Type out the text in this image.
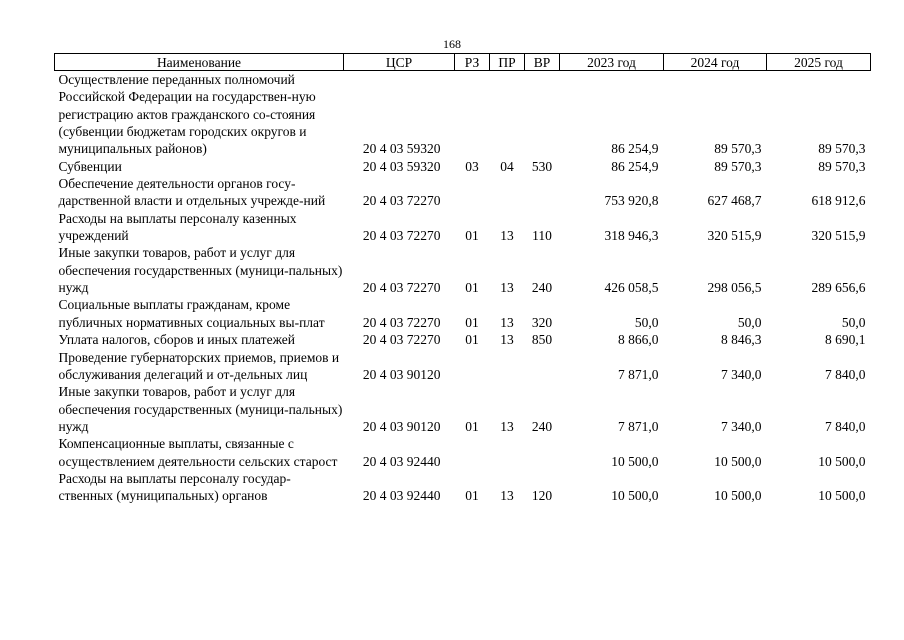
168
Наименование	ЦСР	РЗ	ПР	ВР	2023 год	2024 год	2025 год
Осуществление переданных полномочий Российской Федерации на государствен-ную регистрацию актов гражданского со-стояния (субвенции бюджетам городских округов и муниципальных районов)	20 4 03 59320				86 254,9	89 570,3	89 570,3
Субвенции	20 4 03 59320	03	04	530	86 254,9	89 570,3	89 570,3
Обеспечение деятельности органов госу-дарственной власти и отдельных учрежде-ний	20 4 03 72270				753 920,8	627 468,7	618 912,6
Расходы на выплаты персоналу казенных учреждений	20 4 03 72270	01	13	110	318 946,3	320 515,9	320 515,9
Иные закупки товаров, работ и услуг для обеспечения государственных (муници-пальных) нужд	20 4 03 72270	01	13	240	426 058,5	298 056,5	289 656,6
Социальные выплаты гражданам, кроме публичных нормативных социальных вы-плат	20 4 03 72270	01	13	320	50,0	50,0	50,0
Уплата налогов, сборов и иных платежей	20 4 03 72270	01	13	850	8 866,0	8 846,3	8 690,1
Проведение губернаторских приемов, приемов и обслуживания делегаций и от-дельных лиц	20 4 03 90120				7 871,0	7 340,0	7 840,0
Иные закупки товаров, работ и услуг для обеспечения государственных (муници-пальных) нужд	20 4 03 90120	01	13	240	7 871,0	7 340,0	7 840,0
Компенсационные выплаты, связанные с осуществлением деятельности сельских старост	20 4 03 92440				10 500,0	10 500,0	10 500,0
Расходы на выплаты персоналу государ-ственных (муниципальных) органов	20 4 03 92440	01	13	120	10 500,0	10 500,0	10 500,0
